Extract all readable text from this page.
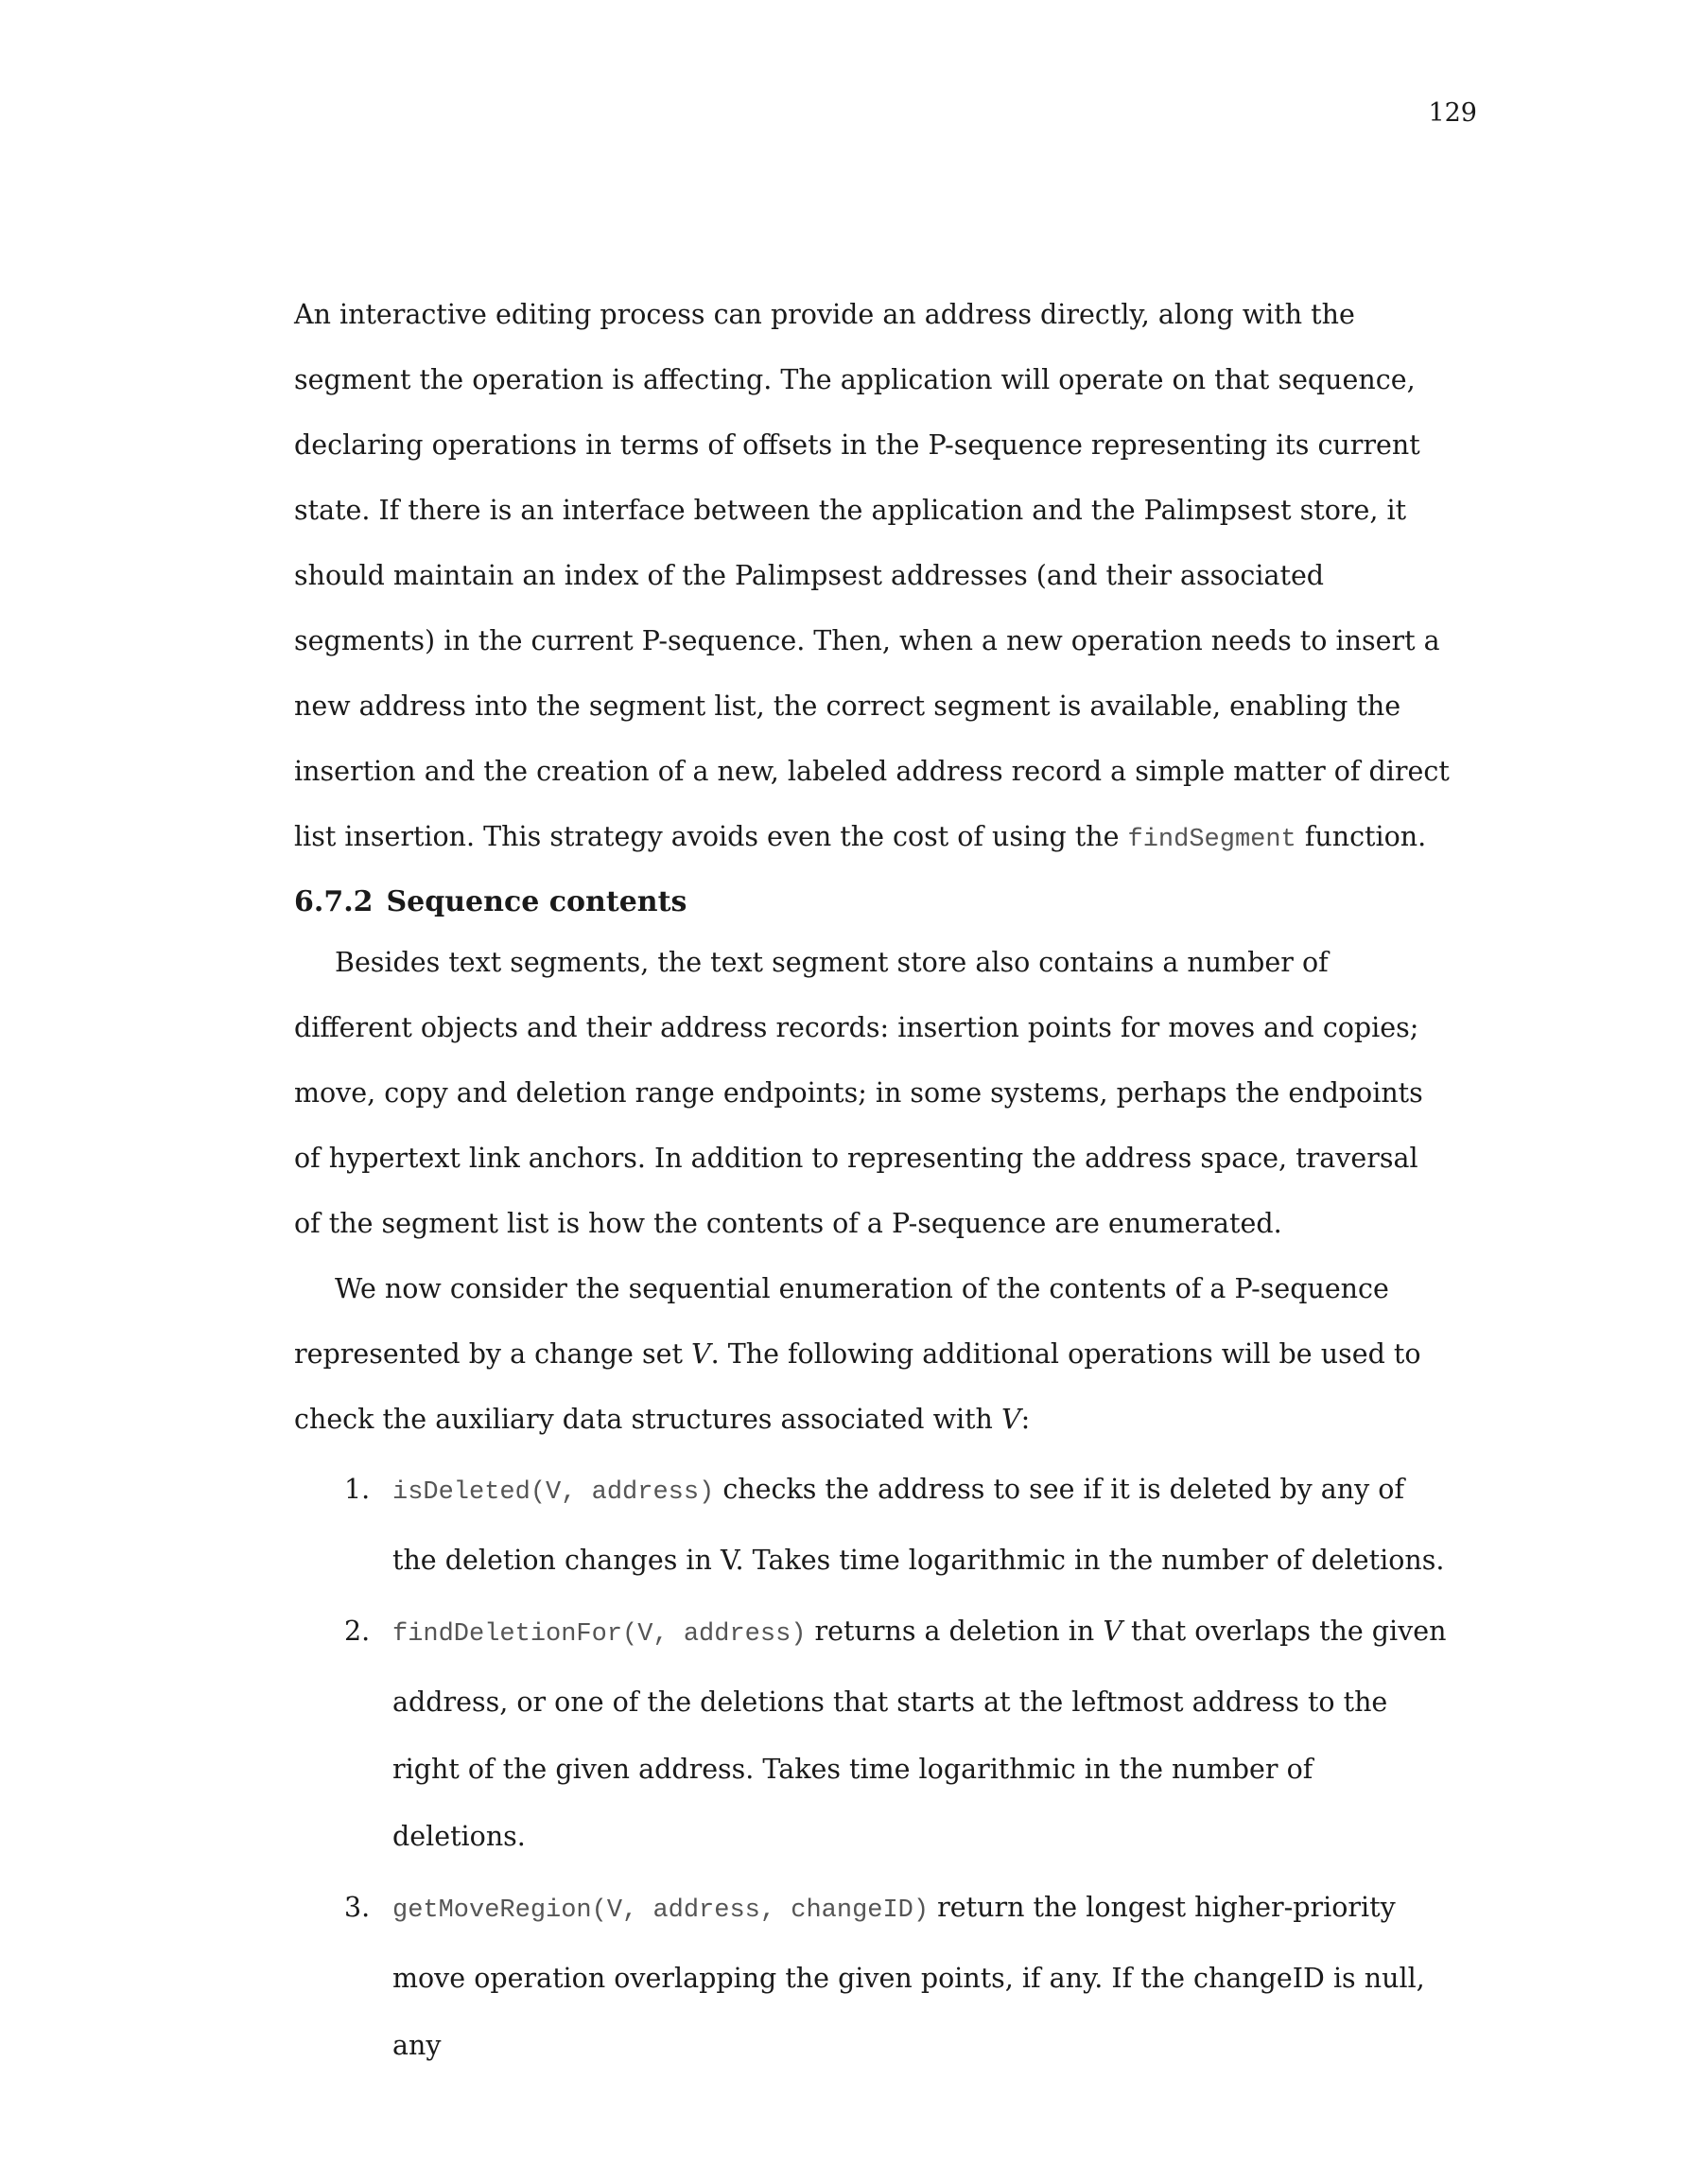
129

An interactive editing process can provide an address directly, along with the segment the operation is affecting. The application will operate on that sequence, declaring operations in terms of offsets in the P-sequence representing its current state. If there is an interface between the application and the Palimpsest store, it should maintain an index of the Palimpsest addresses (and their associated segments) in the current P-sequence. Then, when a new operation needs to insert a new address into the segment list, the correct segment is available, enabling the insertion and the creation of a new, labeled address record a simple matter of direct list insertion. This strategy avoids even the cost of using the findSegment function.

6.7.2 Sequence contents

Besides text segments, the text segment store also contains a number of different objects and their address records: insertion points for moves and copies; move, copy and deletion range endpoints; in some systems, perhaps the endpoints of hypertext link anchors. In addition to representing the address space, traversal of the segment list is how the contents of a P-sequence are enumerated.

We now consider the sequential enumeration of the contents of a P-sequence represented by a change set V. The following additional operations will be used to check the auxiliary data structures associated with V:

1. isDeleted(V, address) checks the address to see if it is deleted by any of the deletion changes in V. Takes time logarithmic in the number of deletions.
2. findDeletionFor(V, address) returns a deletion in V that overlaps the given address, or one of the deletions that starts at the leftmost address to the right of the given address. Takes time logarithmic in the number of deletions.
3. getMoveRegion(V, address, changeID) return the longest higher-priority move operation overlapping the given points, if any. If the changeID is null, any
